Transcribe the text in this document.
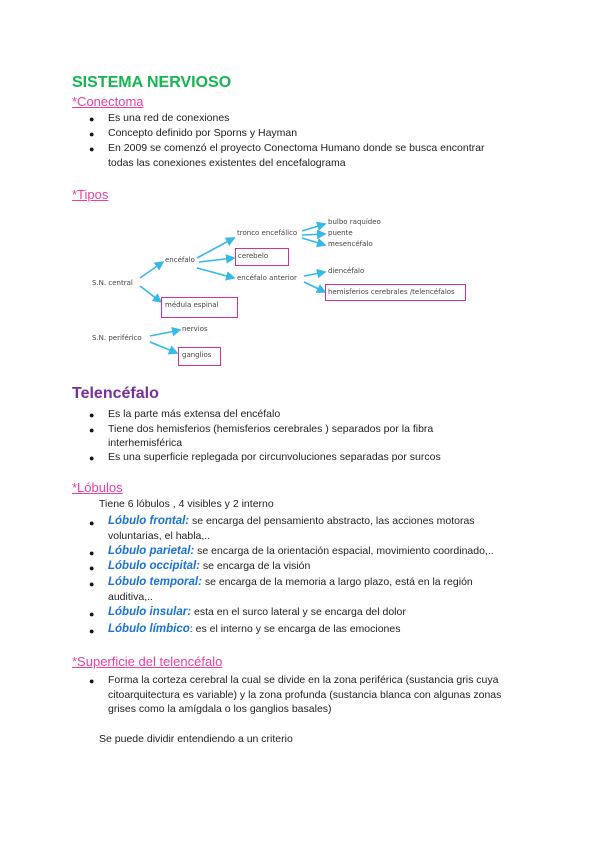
SISTEMA NERVIOSO
*Conectoma
● Es una red de conexiones
● Concepto definido por Sporns y Hayman
● En 2009 se comenzó el proyecto Conectoma Humano donde se busca encontrar
todas las conexiones existentes del encefalograma
*Tipos
S.N. central
encéfalo
tronco encefálico
bulbo raquídeo
puente
mesencéfalo
cerebelo
encéfalo anterior
diencéfalo
hemisferios cerebrales /telencéfalos
médula espinal
S.N. periférico
nervios
ganglios
Telencéfalo
● Es la parte más extensa del encéfalo
● Tiene dos hemisferios (hemisferios cerebrales ) separados por la fibra
interhemisférica
● Es una superficie replegada por circunvoluciones separadas por surcos
*Lóbulos
Tiene 6 lóbulos , 4 visibles y 2 interno
● Lóbulo frontal: se encarga del pensamiento abstracto, las acciones motoras
voluntarias, el habla,..
● Lóbulo parietal: se encarga de la orientación espacial, movimiento coordinado,..
● Lóbulo occipital: se encarga de la visión
● Lóbulo temporal: se encarga de la memoria a largo plazo, está en la región
auditiva,..
● Lóbulo insular: esta en el surco lateral y se encarga del dolor
● Lóbulo límbico: es el interno y se encarga de las emociones
*Superficie del telencéfalo
● Forma la corteza cerebral la cual se divide en la zona periférica (sustancia gris cuya
citoarquitectura es variable) y la zona profunda (sustancia blanca con algunas zonas
grises como la amígdala o los ganglios basales)
Se puede dividir entendiendo a un criterio
